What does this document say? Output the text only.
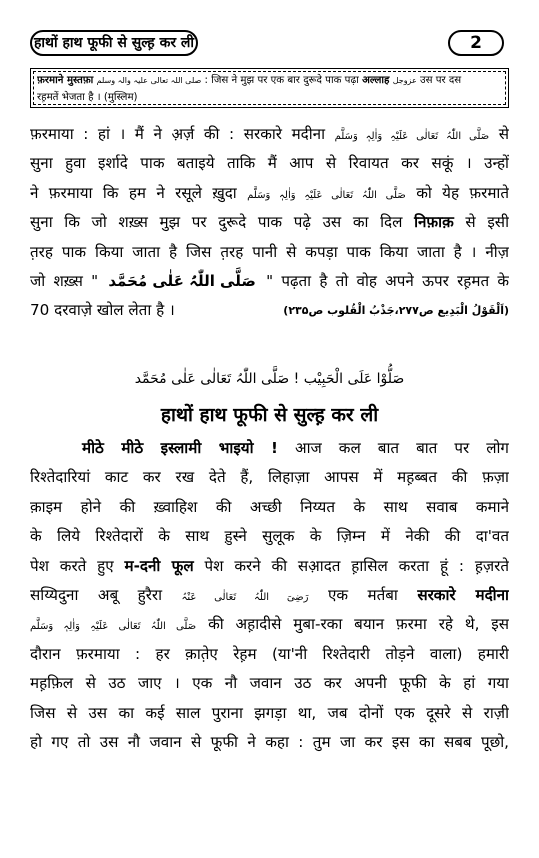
हाथों हाथ फूफी से सुल्ह़ कर ली	2
फ़रमाने मुस्तफ़ा صلی اللہ تعالی علیہ والہ وسلم : जिस ने मुझ पर एक बार दुरूदे पाक पढ़ा अल्लाह عزوجل उस पर दस
रह़मतें भेजता है । (मुस्लिम)
फ़रमाया : हां । मैं ने अ़र्ज़ की : सरकारे मदीना صَلَّی اللّٰہُ تَعَالٰی عَلَیْہِ وَاٰلِہٖ وَسَلَّم से
सुना हुवा इर्शादे पाक बताइये ताकि मैं आप से रिवायत कर सकूं । उन्हों
ने फ़रमाया कि हम ने रसूले ख़ुदा صَلَّی اللّٰہُ تَعَالٰی عَلَیْہِ وَاٰلِہٖ وَسَلَّم को येह फ़रमाते
सुना कि जो शख़्स मुझ पर दुरूदे पाक पढ़े उस का दिल निफ़ाक़ से इसी
त़रह पाक किया जाता है जिस त़रह पानी से कपड़ा पाक किया जाता है । नीज़
जो शख़्स " صَلَّی اللّٰہُ عَلٰی مُحَمَّد " पढ़ता है तो वोह अपने ऊपर रह़मत के
70 दरवाज़े खोल लेता है ।	(اَلْقَوْلُ الْبَدِیع ص۲۷۷،جَذْبُ الْقُلوب ص۲۳۵)
صَلُّوْا عَلَی الْحَبِیْب ! صَلَّی اللّٰہُ تَعَالٰی عَلٰی مُحَمَّد
हाथों हाथ फूफी से सुल्ह़ कर ली
मीठे मीठे इस्लामी भाइयो ! आज कल बात बात पर लोग
रिश्तेदारियां काट कर रख देते हैं, लिहाज़ा आपस में मह़ब्बत की फ़ज़ा
क़ाइम होने की ख़्वाहिश की अच्छी निय्यत के साथ सवाब कमाने
के लिये रिश्तेदारों के साथ ह़ुस्ने सुलूक के ज़िम्न में नेकी की दा'वत
पेश करते हुए म-दनी फूल पेश करने की सआ़दत ह़ासिल करता हूं : ह़ज़रते
सय्यिदुना अबू हुरैरा رَضِیَ اللّٰہُ تَعَالٰی عَنْہُ एक मर्तबा सरकारे मदीना
صَلَّی اللّٰہُ تَعَالٰی عَلَیْہِ وَاٰلِہٖ وَسَلَّم की अह़ादीसे मुबा-रका बयान फ़रमा रहे थे, इस
दौरान फ़रमाया : हर क़ात़ेए रेह़म (या'नी रिश्तेदारी तोड़ने वाला) हमारी
मह़फ़िल से उठ जाए । एक नौ जवान उठ कर अपनी फूफी के हां गया
जिस से उस का कई साल पुराना झगड़ा था, जब दोनों एक दूसरे से राज़ी
हो गए तो उस नौ जवान से फूफी ने कहा : तुम जा कर इस का सबब पूछो,
